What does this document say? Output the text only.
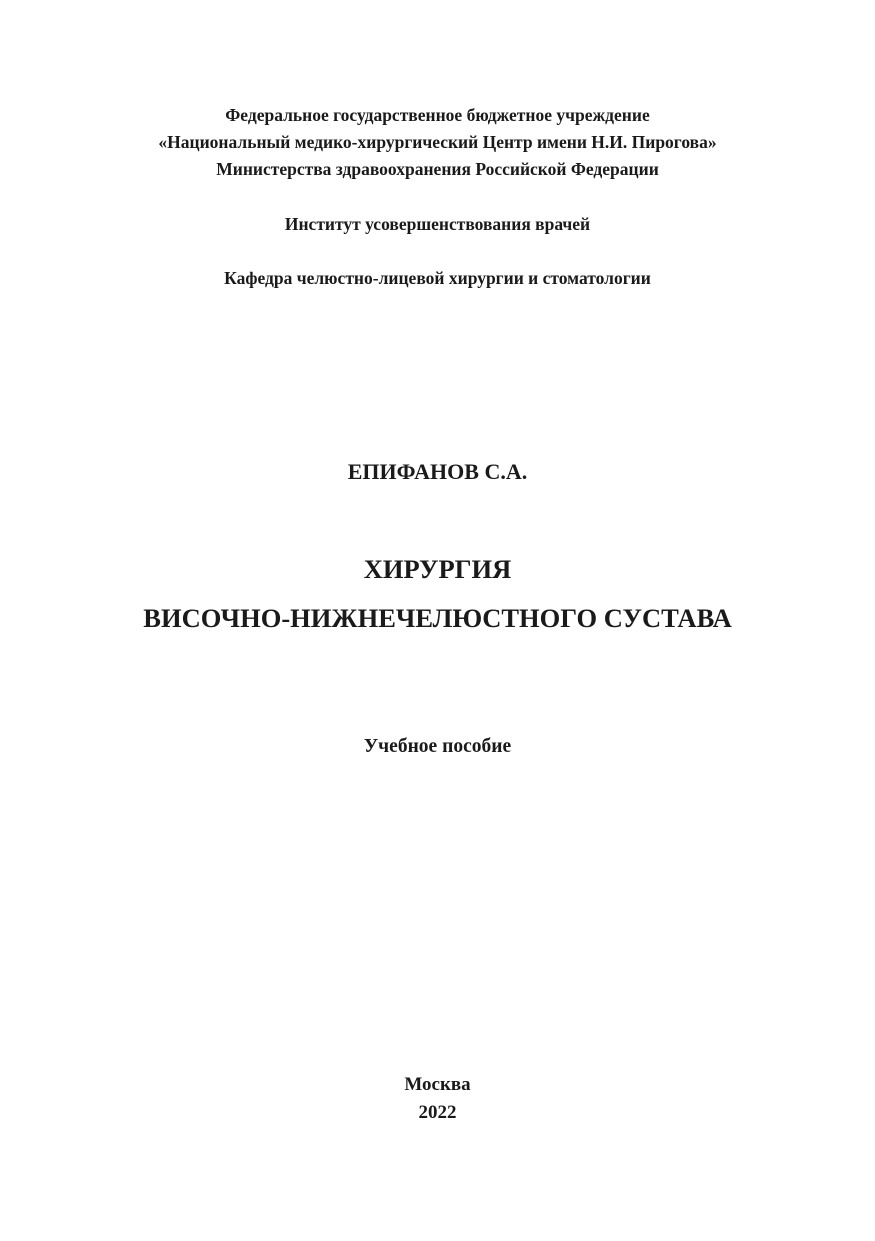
Федеральное государственное бюджетное учреждение
«Национальный медико-хирургический Центр имени Н.И. Пирогова»
Министерства здравоохранения Российской Федерации
Институт усовершенствования врачей
Кафедра челюстно-лицевой хирургии и стоматологии
ЕПИФАНОВ С.А.
ХИРУРГИЯ
ВИСОЧНО-НИЖНЕЧЕЛЮСТНОГО СУСТАВА
Учебное пособие
Москва
2022
